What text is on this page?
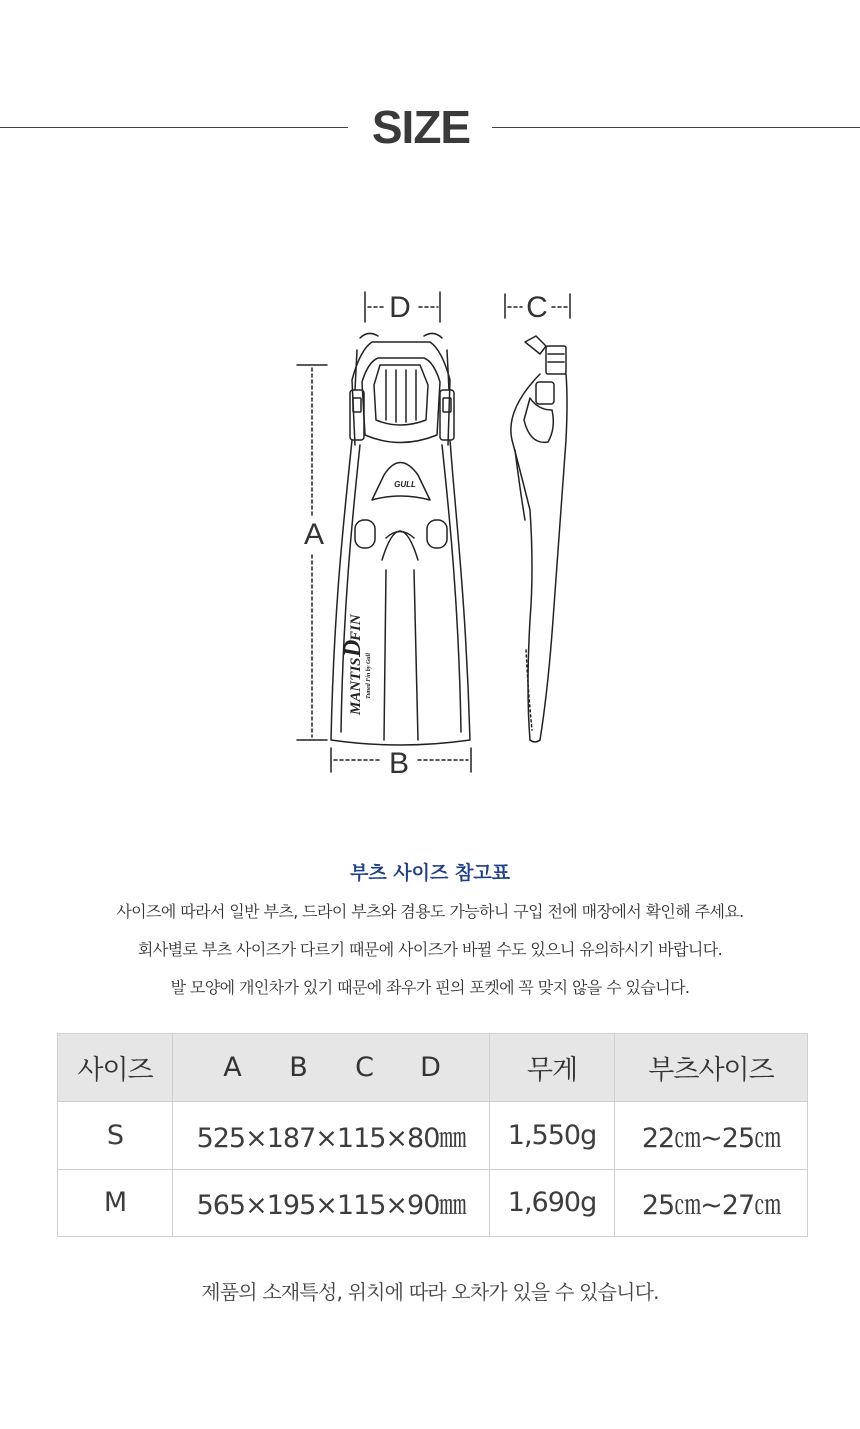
SIZE
D	C
A
B
GULL
MANTIS
D
FIN
Tuned Fin by Gull
부츠 사이즈 참고표
사이즈에 따라서 일반 부츠, 드라이 부츠와 겸용도 가능하니 구입 전에 매장에서 확인해 주세요.
회사별로 부츠 사이즈가 다르기 때문에 사이즈가 바뀔 수도 있으니 유의하시기 바랍니다.
발 모양에 개인차가 있기 때문에 좌우가 핀의 포켓에 꼭 맞지 않을 수 있습니다.
사이즈	A B C D	무게	부츠사이즈
S	525×187×115×80㎜	1,550g	22㎝~25㎝
M	565×195×115×90㎜	1,690g	25㎝~27㎝
제품의 소재특성, 위치에 따라 오차가 있을 수 있습니다.
